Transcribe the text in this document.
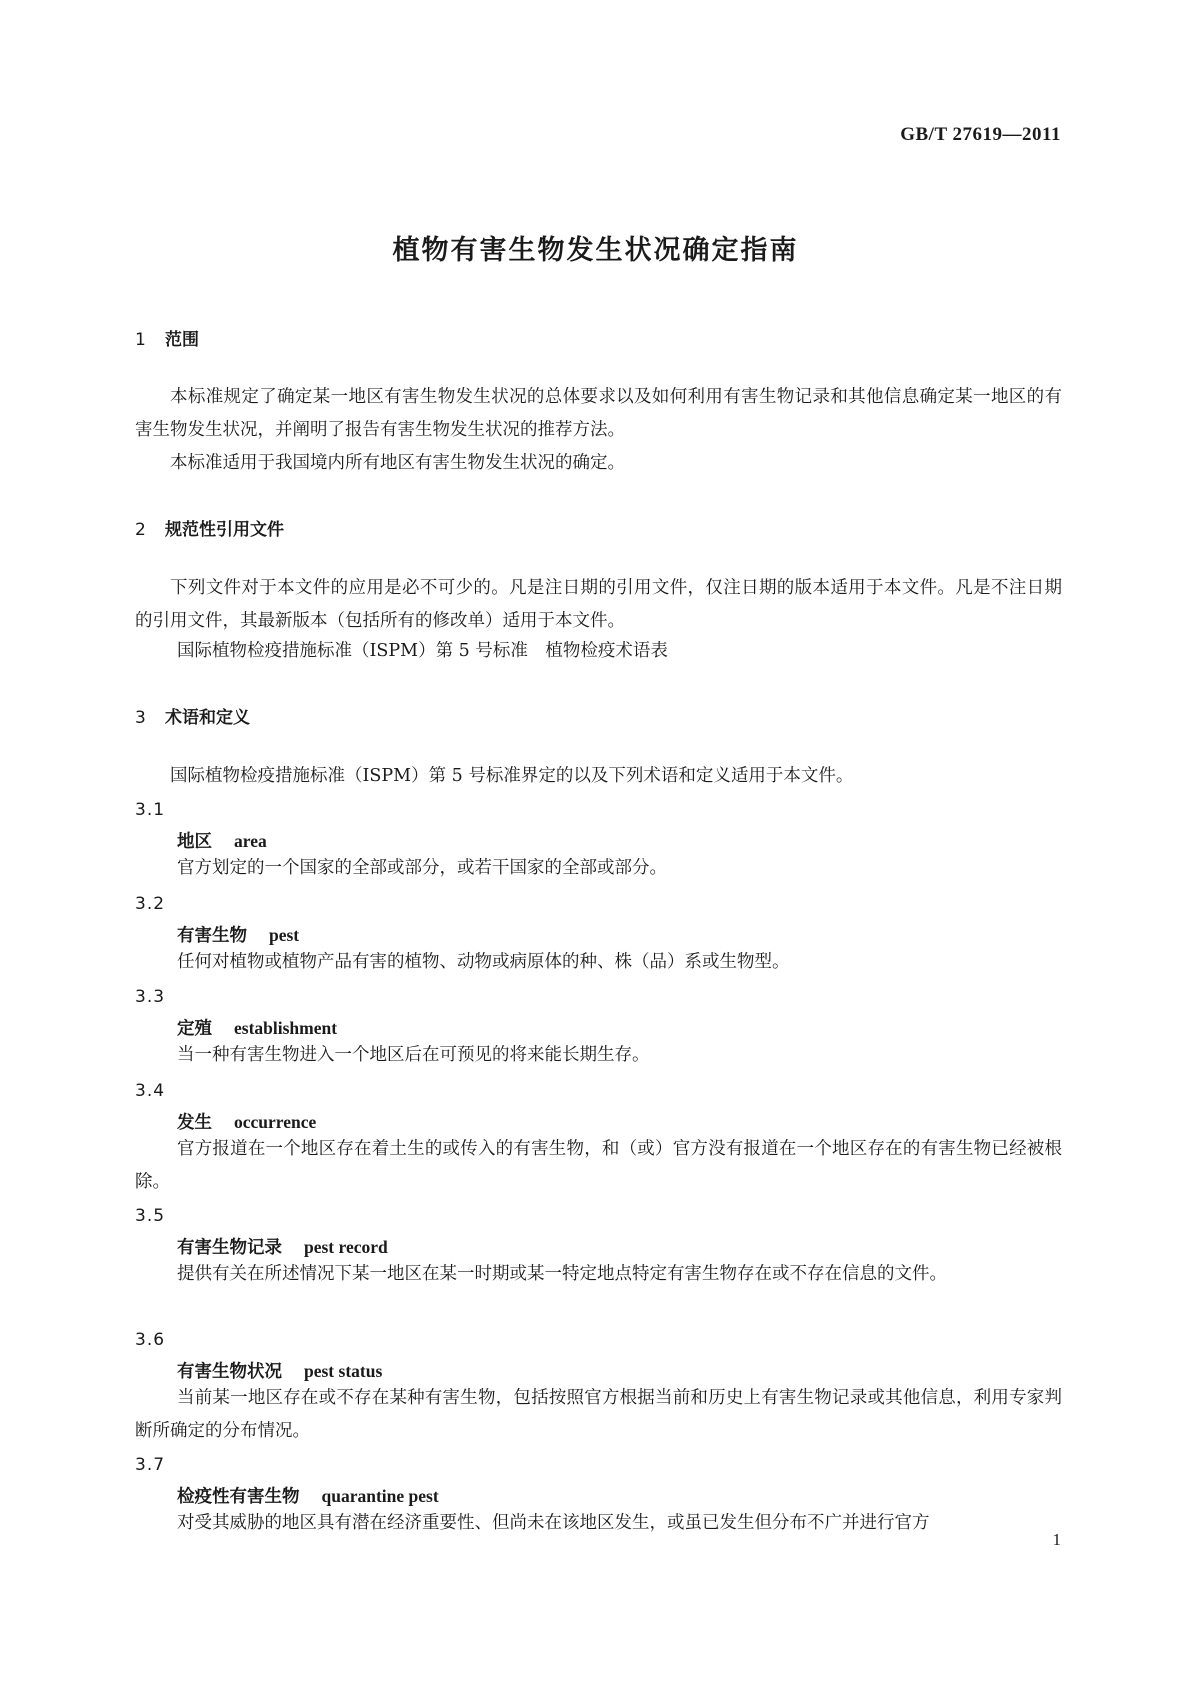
GB/T 27619—2011
植物有害生物发生状况确定指南
1 范围
本标准规定了确定某一地区有害生物发生状况的总体要求以及如何利用有害生物记录和其他信息确定某一地区的有害生物发生状况，并阐明了报告有害生物发生状况的推荐方法。
本标准适用于我国境内所有地区有害生物发生状况的确定。
2 规范性引用文件
下列文件对于本文件的应用是必不可少的。凡是注日期的引用文件，仅注日期的版本适用于本文件。凡是不注日期的引用文件，其最新版本（包括所有的修改单）适用于本文件。
国际植物检疫措施标准（ISPM）第 5 号标准　植物检疫术语表
3 术语和定义
国际植物检疫措施标准（ISPM）第 5 号标准界定的以及下列术语和定义适用于本文件。
3.1
地区 area
官方划定的一个国家的全部或部分，或若干国家的全部或部分。
3.2
有害生物 pest
任何对植物或植物产品有害的植物、动物或病原体的种、株（品）系或生物型。
3.3
定殖 establishment
当一种有害生物进入一个地区后在可预见的将来能长期生存。
3.4
发生 occurrence
官方报道在一个地区存在着土生的或传入的有害生物，和（或）官方没有报道在一个地区存在的有害生物已经被根除。
3.5
有害生物记录 pest record
提供有关在所述情况下某一地区在某一时期或某一特定地点特定有害生物存在或不存在信息的文件。
3.6
有害生物状况 pest status
当前某一地区存在或不存在某种有害生物，包括按照官方根据当前和历史上有害生物记录或其他信息，利用专家判断所确定的分布情况。
3.7
检疫性有害生物 quarantine pest
对受其威胁的地区具有潜在经济重要性、但尚未在该地区发生，或虽已发生但分布不广并进行官方
1
